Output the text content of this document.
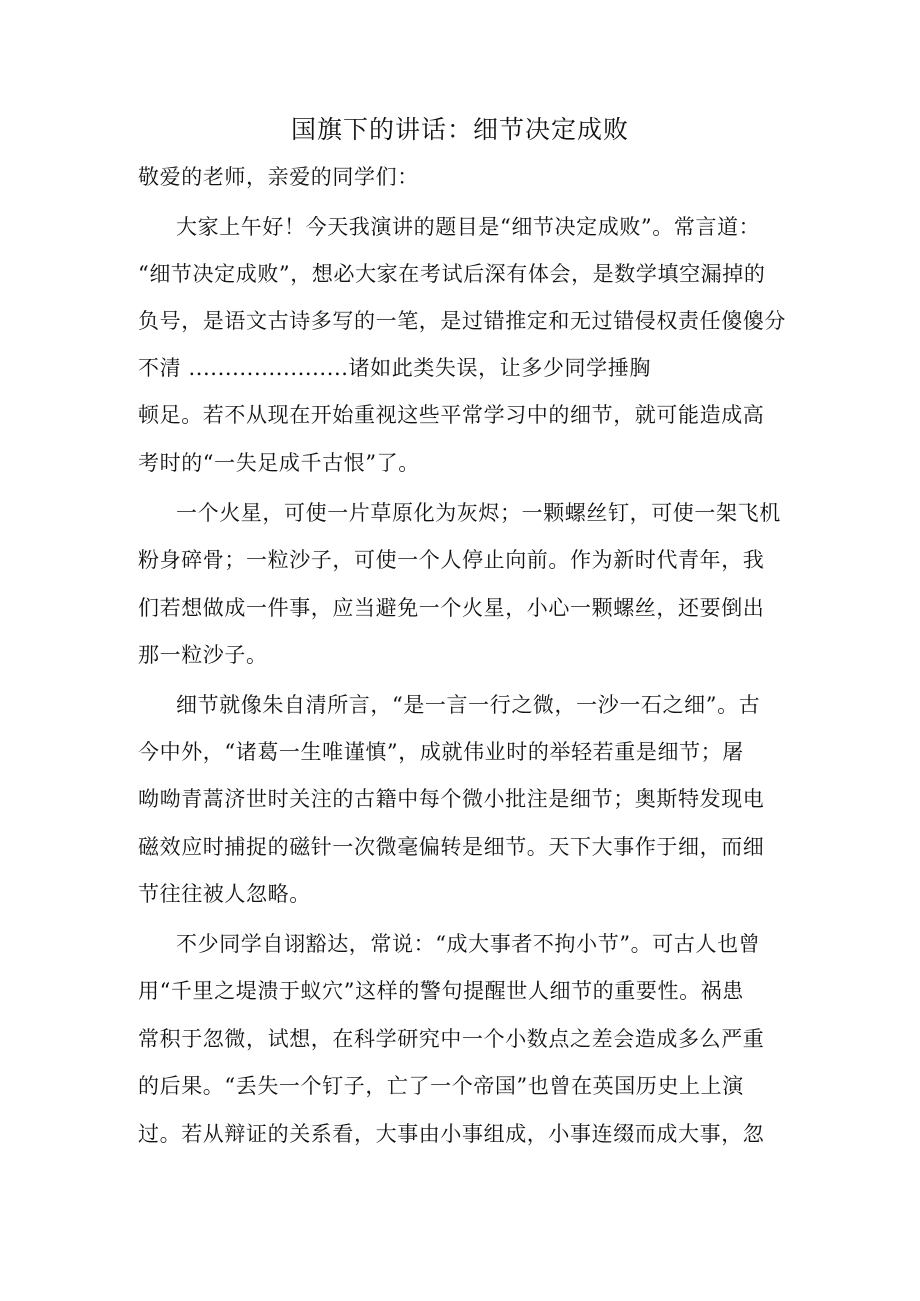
国旗下的讲话：细节决定成败
敬爱的老师，亲爱的同学们：
大家上午好！今天我演讲的题目是“细节决定成败”。常言道：
“细节决定成败”，想必大家在考试后深有体会，是数学填空漏掉的
负号，是语文古诗多写的一笔，是过错推定和无过错侵权责任傻傻分
不清 ......................诸如此类失误，让多少同学捶胸
顿足。若不从现在开始重视这些平常学习中的细节，就可能造成高
考时的“一失足成千古恨”了。
一个火星，可使一片草原化为灰烬；一颗螺丝钉，可使一架飞机
粉身碎骨；一粒沙子，可使一个人停止向前。作为新时代青年，我
们若想做成一件事，应当避免一个火星，小心一颗螺丝，还要倒出
那一粒沙子。
细节就像朱自清所言，“是一言一行之微，一沙一石之细”。古
今中外，“诸葛一生唯谨慎”，成就伟业时的举轻若重是细节；屠
呦呦青蒿济世时关注的古籍中每个微小批注是细节；奥斯特发现电
磁效应时捕捉的磁针一次微毫偏转是细节。天下大事作于细，而细
节往往被人忽略。
不少同学自诩豁达，常说：“成大事者不拘小节”。可古人也曾
用“千里之堤溃于蚁穴”这样的警句提醒世人细节的重要性。祸患
常积于忽微，试想，在科学研究中一个小数点之差会造成多么严重
的后果。“丢失一个钉子，亡了一个帝国”也曾在英国历史上上演
过。若从辩证的关系看，大事由小事组成，小事连缀而成大事，忽
